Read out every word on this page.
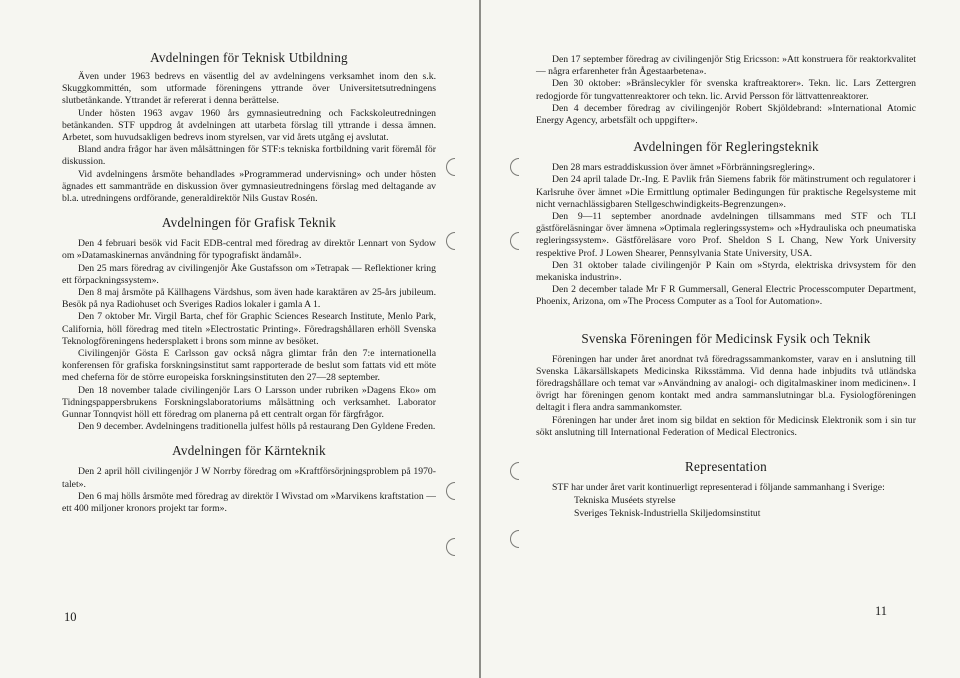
Avdelningen för Teknisk Utbildning

Även under 1963 bedrevs en väsentlig del av avdelningens verksamhet inom den s.k. Skuggkommittén, som utformade föreningens yttrande över Universitetsutredningens slutbetänkande. Yttrandet är refererat i denna berättelse.

Under hösten 1963 avgav 1960 års gymnasieutredning och Fackskoleutredningen betänkanden. STF uppdrog åt avdelningen att utarbeta förslag till yttrande i dessa ämnen. Arbetet, som huvudsakligen bedrevs inom styrelsen, var vid årets utgång ej avslutat.

Bland andra frågor har även målsättningen för STF:s tekniska fortbildning varit föremål för diskussion.

Vid avdelningens årsmöte behandlades »Programmerad undervisning» och under hösten ägnades ett sammanträde en diskussion över gymnasieutredningens förslag med deltagande av bl.a. utredningens ordförande, generaldirektör Nils Gustav Rosén.

Avdelningen för Grafisk Teknik

Den 4 februari besök vid Facit EDB-central med föredrag av direktör Lennart von Sydow om »Datamaskinernas användning för typografiskt ändamål».

Den 25 mars föredrag av civilingenjör Åke Gustafsson om »Tetrapak — Reflektioner kring ett förpackningssystem».

Den 8 maj årsmöte på Källhagens Värdshus, som även hade karaktären av 25-års jubileum. Besök på nya Radiohuset och Sveriges Radios lokaler i gamla A 1.

Den 7 oktober Mr. Virgil Barta, chef för Graphic Sciences Research Institute, Menlo Park, California, höll föredrag med titeln »Electrostatic Printing». Föredragshållaren erhöll Svenska Teknologföreningens hedersplakett i brons som minne av besöket.

Civilingenjör Gösta E Carlsson gav också några glimtar från den 7:e internationella konferensen för grafiska forskningsinstitut samt rapporterade de beslut som fattats vid ett möte med cheferna för de större europeiska forskningsinstituten den 27—28 september.

Den 18 november talade civilingenjör Lars O Larsson under rubriken »Dagens Eko» om Tidningspappersbrukens Forskningslaboratoriums målsättning och verksamhet. Laborator Gunnar Tonnqvist höll ett föredrag om planerna på ett centralt organ för färgfrågor.

Den 9 december. Avdelningens traditionella julfest hölls på restaurang Den Gyldene Freden.

Avdelningen för Kärnteknik

Den 2 april höll civilingenjör J W Norrby föredrag om »Kraftförsörjningsproblem på 1970-talet».

Den 6 maj hölls årsmöte med föredrag av direktör I Wivstad om »Marvikens kraftstation — ett 400 miljoner kronors projekt tar form».

10

Den 17 september föredrag av civilingenjör Stig Ericsson: »Att konstruera för reaktorkvalitet — några erfarenheter från Ågestaarbetena».

Den 30 oktober: »Bränslecykler för svenska kraftreaktorer». Tekn. lic. Lars Zettergren redogjorde för tungvattenreaktorer och tekn. lic. Arvid Persson för lättvattenreaktorer.

Den 4 december föredrag av civilingenjör Robert Skjöldebrand: »International Atomic Energy Agency, arbetsfält och uppgifter».

Avdelningen för Regleringsteknik

Den 28 mars estraddiskussion över ämnet »Förbränningsreglering».

Den 24 april talade Dr.-Ing. E Pavlik från Siemens fabrik för mätinstrument och regulatorer i Karlsruhe över ämnet »Die Ermittlung optimaler Bedingungen für praktische Regelsysteme mit nicht vernachlässigbaren Stellgeschwindigkeits-Begrenzungen».

Den 9—11 september anordnade avdelningen tillsammans med STF och TLI gästföreläsningar över ämnena »Optimala regleringssystem» och »Hydrauliska och pneumatiska regleringssystem». Gästföreläsare voro Prof. Sheldon S L Chang, New York University respektive Prof. J Lowen Shearer, Pennsylvania State University, USA.

Den 31 oktober talade civilingenjör P Kain om »Styrda, elektriska drivsystem för den mekaniska industrin».

Den 2 december talade Mr F R Gummersall, General Electric Processcomputer Department, Phoenix, Arizona, om »The Process Computer as a Tool for Automation».

Svenska Föreningen för Medicinsk Fysik och Teknik

Föreningen har under året anordnat två föredragssammankomster, varav en i anslutning till Svenska Läkarsällskapets Medicinska Riksstämma. Vid denna hade inbjudits två utländska föredragshållare och temat var »Användning av analogi- och digitalmaskiner inom medicinen». I övrigt har föreningen genom kontakt med andra sammanslutningar bl.a. Fysiologföreningen deltagit i flera andra sammankomster.

Föreningen har under året inom sig bildat en sektion för Medicinsk Elektronik som i sin tur sökt anslutning till International Federation of Medical Electronics.

Representation

STF har under året varit kontinuerligt representerad i följande sammanhang i Sverige:

Tekniska Muséets styrelse

Sveriges Teknisk-Industriella Skiljedomsinstitut

11
